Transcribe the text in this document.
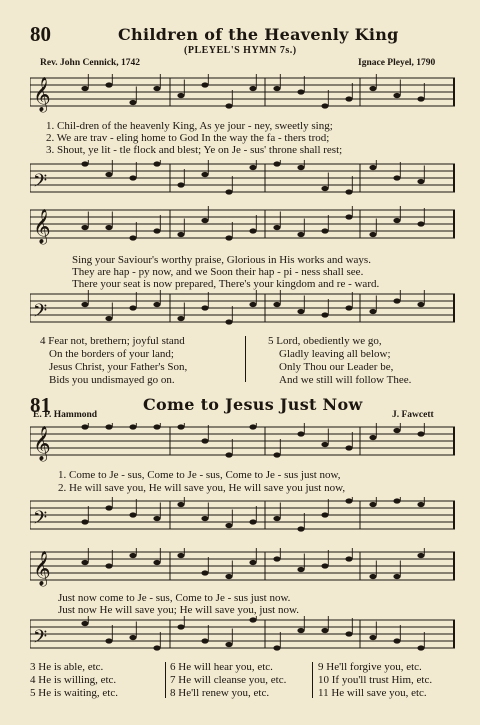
80	Children of the Heavenly King
(PLEYEL'S HYMN 7s.)
Rev. John Cennick, 1742	Ignace Pleyel, 1790
𝄞
1. Chil-dren of the heavenly King, As ye jour - ney, sweetly sing;
2. We are trav - eling home to God In the way the fa - thers trod;
3. Shout, ye lit - tle flock and blest; Ye on Je - sus' throne shall rest;
𝄢
𝄞
Sing your Saviour's worthy praise, Glorious in His works and ways.
They are hap - py now, and we Soon their hap - pi - ness shall see.
There your seat is now prepared, There's your kingdom and re - ward.
𝄢
4 Fear not, brethern; joyful stand
On the borders of your land;
Jesus Christ, your Father's Son,
Bids you undismayed go on.
5 Lord, obediently we go,
Gladly leaving all below;
Only Thou our Leader be,
And we still will follow Thee.
81	Come to Jesus Just Now
E. P. Hammond	J. Fawcett
𝄞
1. Come to Je - sus, Come to Je - sus, Come to Je - sus just now,
2. He will save you, He will save you, He will save you just now,
𝄢
𝄞
Just now come to Je - sus, Come to Je - sus just now.
Just now He will save you; He will save you, just now.
𝄢
3 He is able, etc.
4 He is willing, etc.
5 He is waiting, etc.
6 He will hear you, etc.
7 He will cleanse you, etc.
8 He'll renew you, etc.
9 He'll forgive you, etc.
10 If you'll trust Him, etc.
11 He will save you, etc.
